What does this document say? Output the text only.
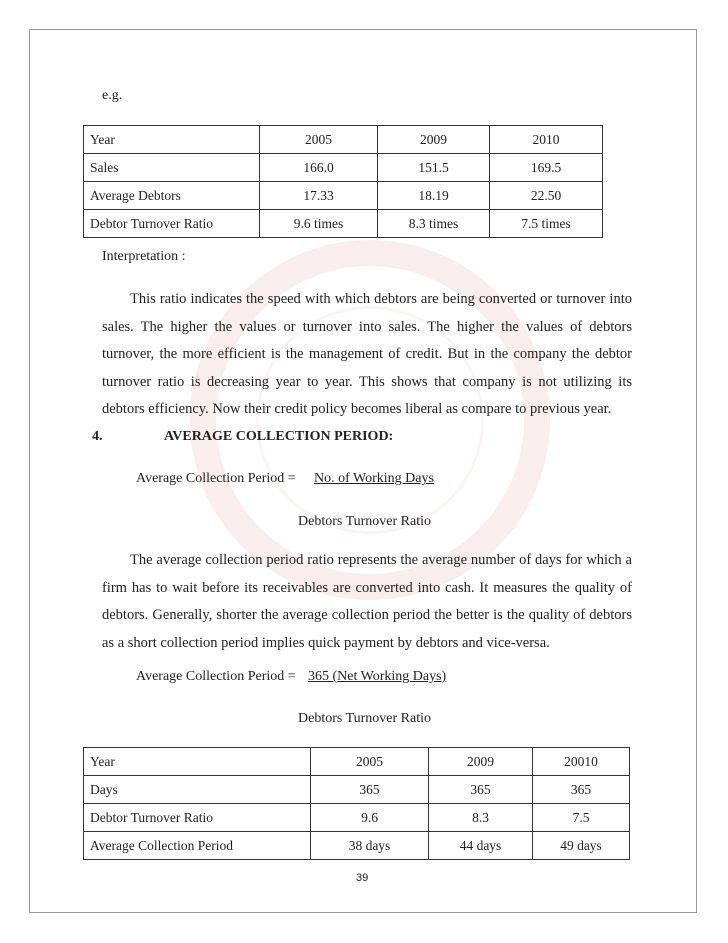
e.g.
Year	2005	2009	2010
Sales	166.0	151.5	169.5
Average Debtors	17.33	18.19	22.50
Debtor Turnover Ratio	9.6 times	8.3 times	7.5 times
Interpretation :
This ratio indicates the speed with which debtors are being converted or turnover into sales. The higher the values or turnover into sales. The higher the values of debtors turnover, the more efficient is the management of credit. But in the company the debtor turnover ratio is decreasing year to year. This shows that company is not utilizing its debtors efficiency. Now their credit policy becomes liberal as compare to previous year.
4.	AVERAGE COLLECTION PERIOD:
Average Collection Period = No. of Working Days
Debtors Turnover Ratio
The average collection period ratio represents the average number of days for which a firm has to wait before its receivables are converted into cash. It measures the quality of debtors. Generally, shorter the average collection period the better is the quality of debtors as a short collection period implies quick payment by debtors and vice-versa.
Average Collection Period = 365 (Net Working Days)
Debtors Turnover Ratio
Year	2005	2009	20010
Days	365	365	365
Debtor Turnover Ratio	9.6	8.3	7.5
Average Collection Period	38 days	44 days	49 days
39
